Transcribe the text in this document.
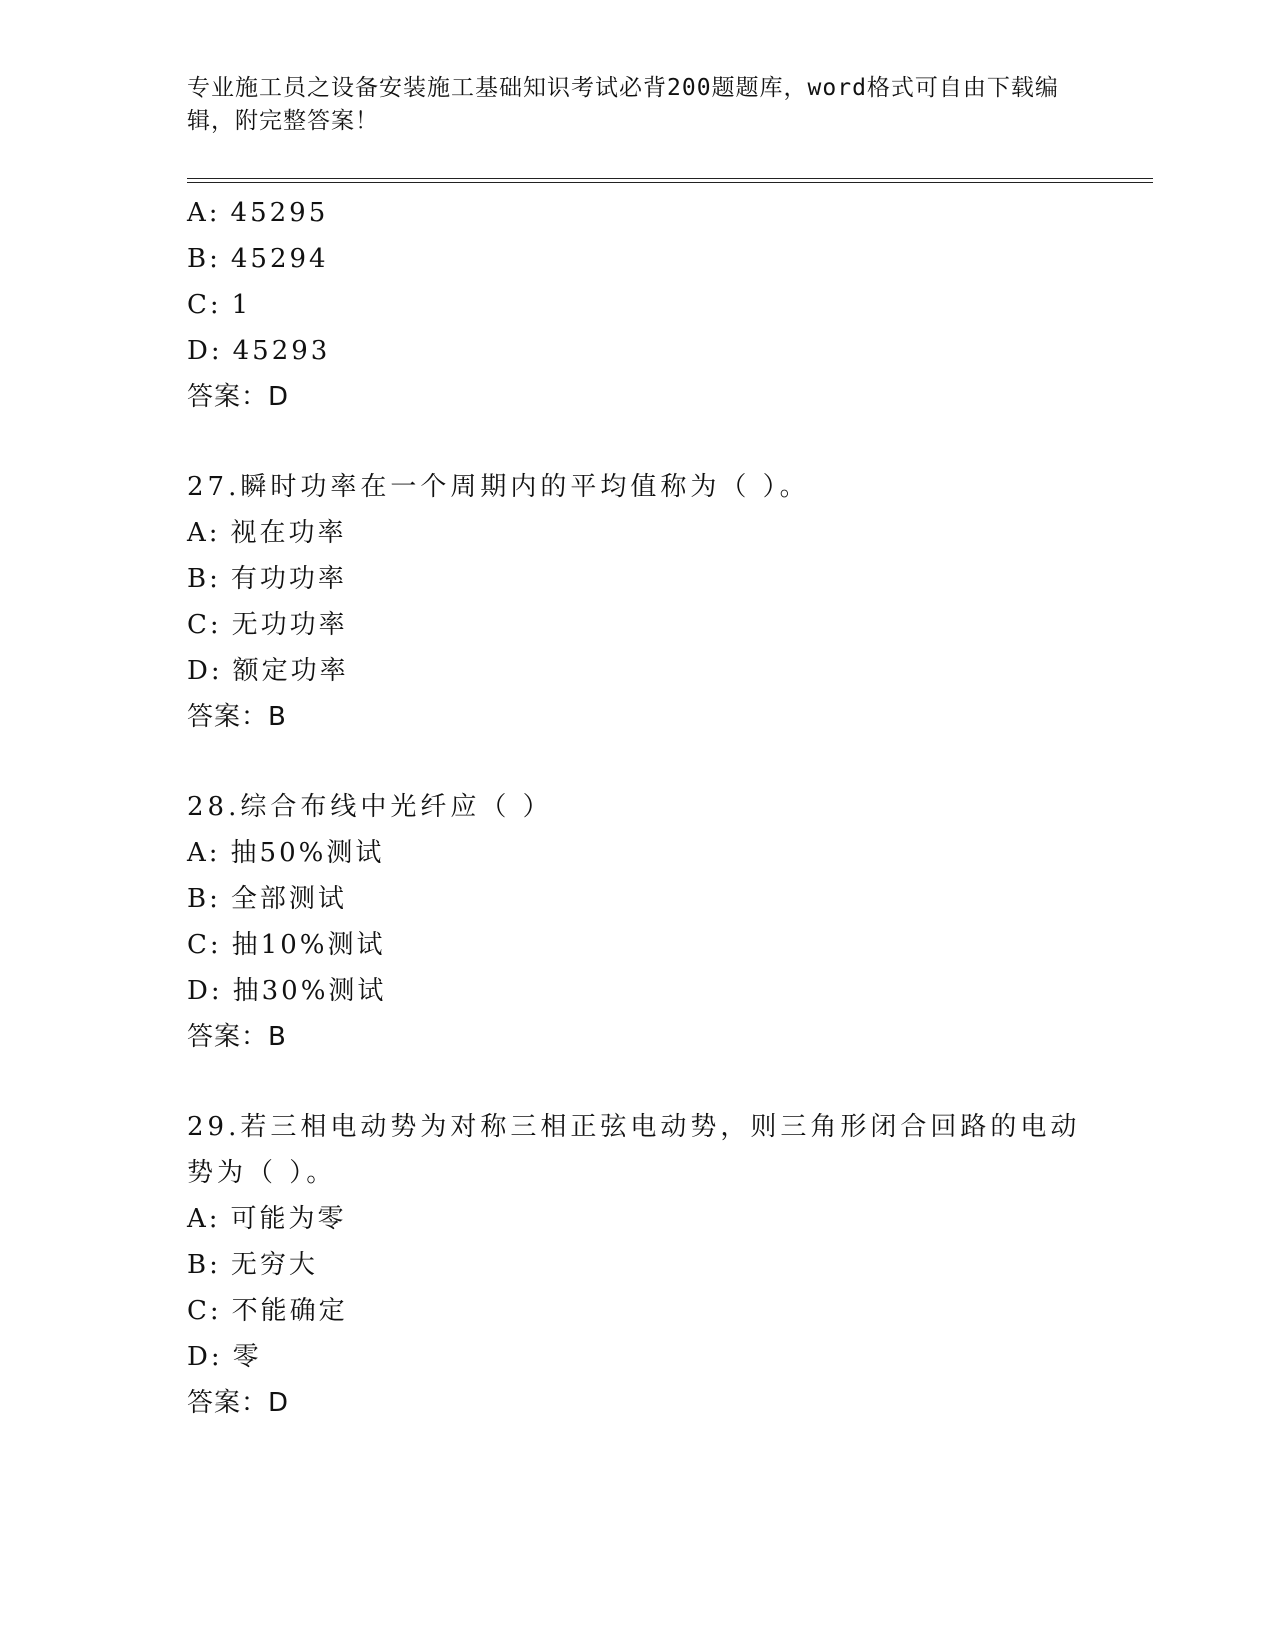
专业施工员之设备安装施工基础知识考试必背200题题库，word格式可自由下载编辑，附完整答案！
A: 45295
B: 45294
C: 1
D: 45293
答案：D
27.瞬时功率在一个周期内的平均值称为（ ）。
A: 视在功率
B: 有功功率
C: 无功功率
D: 额定功率
答案：B
28.综合布线中光纤应（ ）
A: 抽50%测试
B: 全部测试
C: 抽10%测试
D: 抽30%测试
答案：B
29.若三相电动势为对称三相正弦电动势，则三角形闭合回路的电动势为（ ）。
A: 可能为零
B: 无穷大
C: 不能确定
D: 零
答案：D
